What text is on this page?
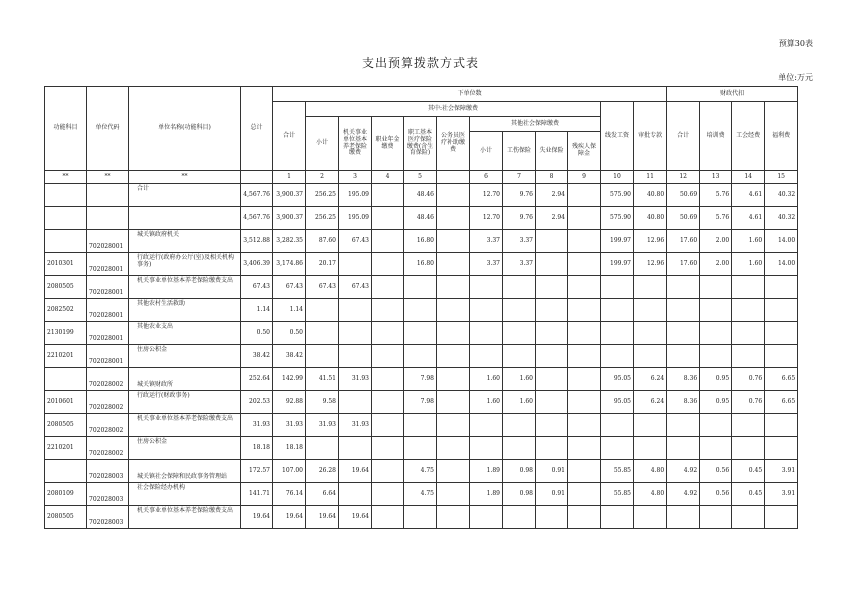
预算30表
支出预算拨款方式表
单位:万元
功能科目	单位代码	单位名称(功能科目)	总计	下单位数												财政代扣			
				合计	其中:社会保障缴费									线发工资	审批专款	合计	培训费	工会经费	福利费
					小计	机关事业单位基本养老保险缴费	职业年金缴费	职工基本医疗保险缴费(含生育保险)	公务员医疗补助缴费	其他社会保障缴费									
										小计	工伤保险	失业保险	残疾人保障金						
**	**	**		1	2	3	4	5		6	7	8	9	10	11	12	13	14	15
		合计	4,567.76	3,900.37	256.25	195.09		48.46		12.70	9.76	2.94		575.90	40.80	50.69	5.76	4.61	40.32
			4,567.76	3,900.37	256.25	195.09		48.46		12.70	9.76	2.94		575.90	40.80	50.69	5.76	4.61	40.32
	702028001	城关镇政府机关	3,512.88	3,282.35	87.60	67.43		16.80		3.37	3.37			199.97	12.96	17.60	2.00	1.60	14.00
2010301	702028001	行政运行(政府办公厅(室)及相关机构事务)	3,406.39	3,174.86	20.17			16.80		3.37	3.37			199.97	12.96	17.60	2.00	1.60	14.00
2080505	702028001	机关事业单位基本养老保险缴费支出	67.43	67.43	67.43	67.43													
2082502	702028001	其他农村生活救助	1.14	1.14															
2130199	702028001	其他农业支出	0.50	0.50															
2210201	702028001	住房公积金	38.42	38.42															
	702028002	城关镇财政所	252.64	142.99	41.51	31.93		7.98		1.60	1.60			95.05	6.24	8.36	0.95	0.76	6.65
2010601	702028002	行政运行(财政事务)	202.53	92.88	9.58			7.98		1.60	1.60			95.05	6.24	8.36	0.95	0.76	6.65
2080505	702028002	机关事业单位基本养老保险缴费支出	31.93	31.93	31.93	31.93													
2210201	702028002	住房公积金	18.18	18.18															
	702028003	城关镇社会保障和民政事务管理站	172.57	107.00	26.28	19.64		4.75		1.89	0.98	0.91		55.85	4.80	4.92	0.56	0.45	3.91
2080109	702028003	社会保险经办机构	141.71	76.14	6.64			4.75		1.89	0.98	0.91		55.85	4.80	4.92	0.56	0.45	3.91
2080505	702028003	机关事业单位基本养老保险缴费支出	19.64	19.64	19.64	19.64													
